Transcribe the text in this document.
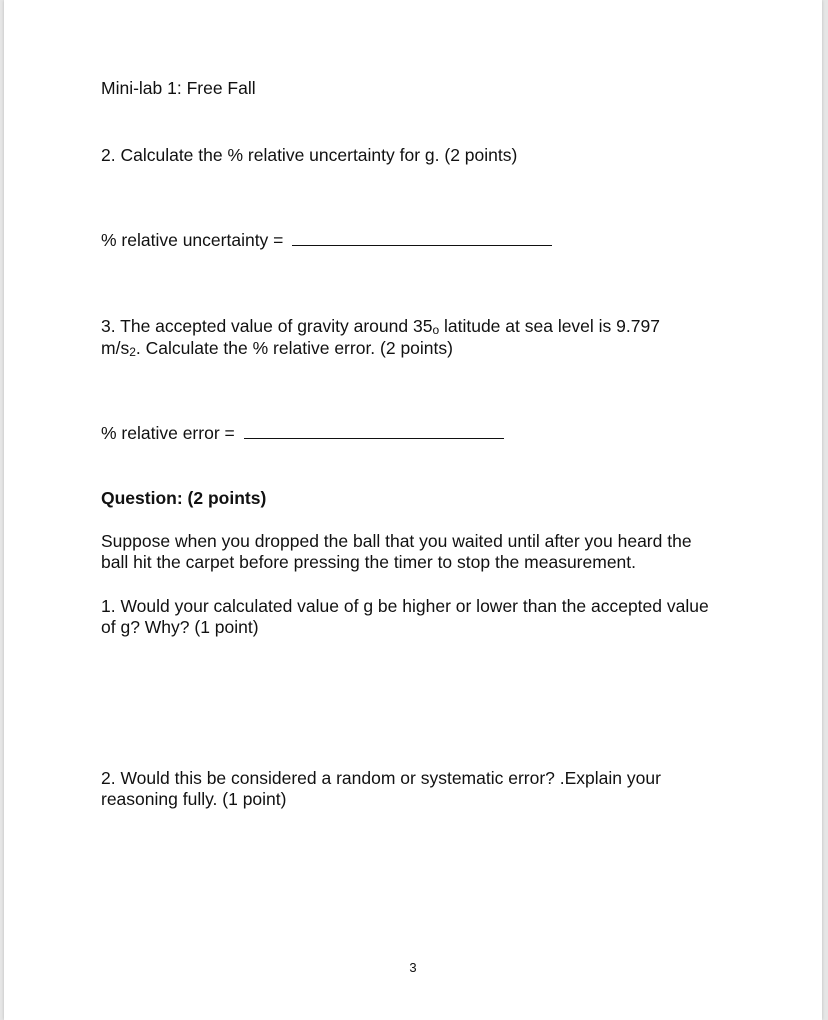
Mini-lab 1: Free Fall
2. Calculate the % relative uncertainty for g. (2 points)
% relative uncertainty =
3. The accepted value of gravity around $35_o$ latitude at sea level is 9.797
$m/s_2$. Calculate the % relative error. (2 points)
% relative error =
Question: (2 points)
Suppose when you dropped the ball that you waited until after you heard the ball hit the carpet before pressing the timer to stop the measurement.
1. Would your calculated value of g be higher or lower than the accepted value of g? Why? (1 point)
2. Would this be considered a random or systematic error? .Explain your reasoning fully. (1 point)
3
